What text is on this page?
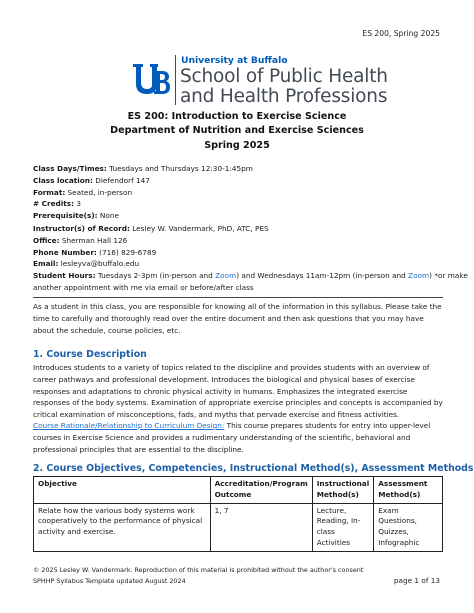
ES 200, Spring 2025
University at Buffalo
School of Public Health
and Health Professions
ES 200: Introduction to Exercise Science
Department of Nutrition and Exercise Sciences
Spring 2025
Class Days/Times: Tuesdays and Thursdays 12:30-1:45pm
Class location: Diefendorf 147
Format: Seated, in-person
# Credits: 3
Prerequisite(s): None
Instructor(s) of Record: Lesley W. Vandermark, PhD, ATC, PES
Office: Sherman Hall 126
Phone Number: (716) 829-6789
Email: lesleyva@buffalo.edu
Student Hours: Tuesdays 2-3pm (in-person and Zoom) and Wednesdays 11am-12pm (in-person and Zoom) *or make
another appointment with me via email or before/after class
As a student in this class, you are responsible for knowing all of the information in this syllabus. Please take the time to carefully and thoroughly read over the entire document and then ask questions that you may have about the schedule, course policies, etc.
1. Course Description
Introduces students to a variety of topics related to the discipline and provides students with an overview of career pathways and professional development. Introduces the biological and physical bases of exercise responses and adaptations to chronic physical activity in humans. Emphasizes the integrated exercise responses of the body systems. Examination of appropriate exercise principles and concepts is accompanied by critical examination of misconceptions, fads, and myths that pervade exercise and fitness activities.
Course Rationale/Relationship to Curriculum Design: This course prepares students for entry into upper-level courses in Exercise Science and provides a rudimentary understanding of the scientific, behavioral and professional principles that are essential to the discipline.
2. Course Objectives, Competencies, Instructional Method(s), Assessment Methods
Objective	Accreditation/Program Outcome	Instructional Method(s)	Assessment Method(s)
Relate how the various body systems work cooperatively to the performance of physical activity and exercise.	1, 7	Lecture, Reading, In-class Activities	Exam Questions, Quizzes, Infographic
© 2025 Lesley W. Vandermark. Reproduction of this material is prohibited without the author's consent
SPHHP Syllabus Template updated August 2024	page 1 of 13
